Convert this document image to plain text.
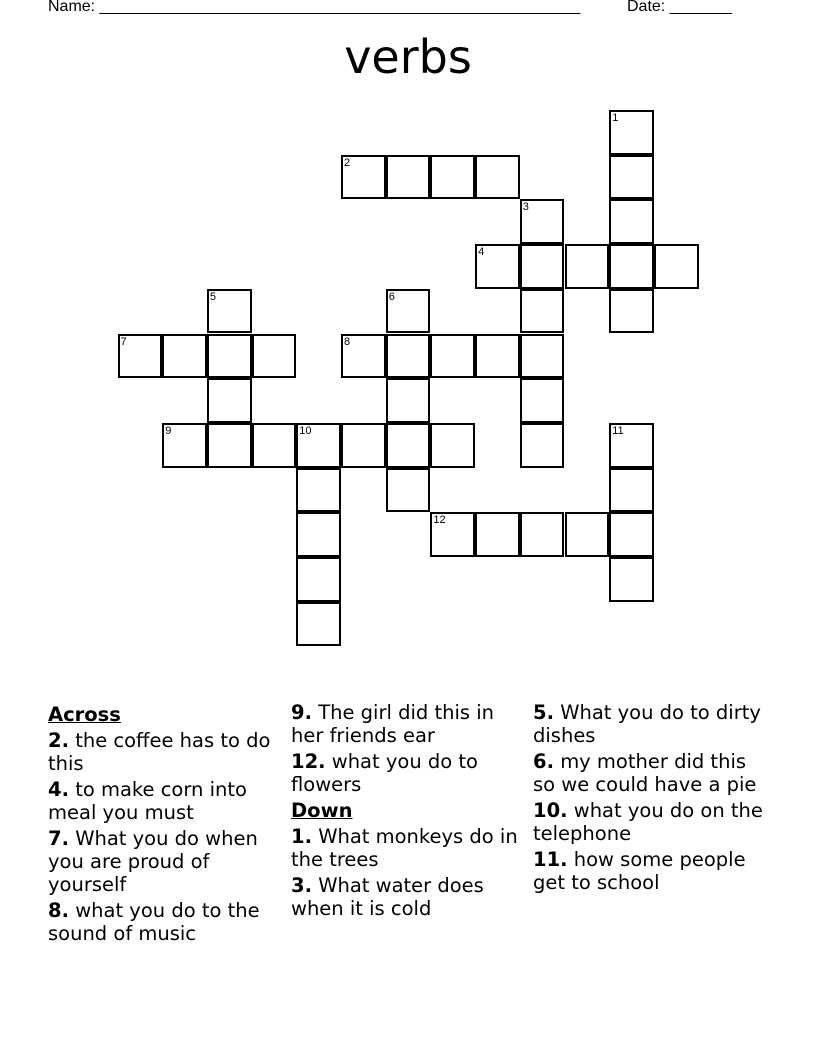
Name: ______________________________________________________	Date: _______
verbs
1
2
3
4
5	6
7	8
9	10	11
12
Across
2. the coffee has to do this
4. to make corn into meal you must
7. What you do when you are proud of yourself
8. what you do to the sound of music
9. The girl did this in her friends ear
12. what you do to flowers
Down
1. What monkeys do in the trees
3. What water does when it is cold
5. What you do to dirty dishes
6. my mother did this so we could have a pie
10. what you do on the telephone
11. how some people get to school
